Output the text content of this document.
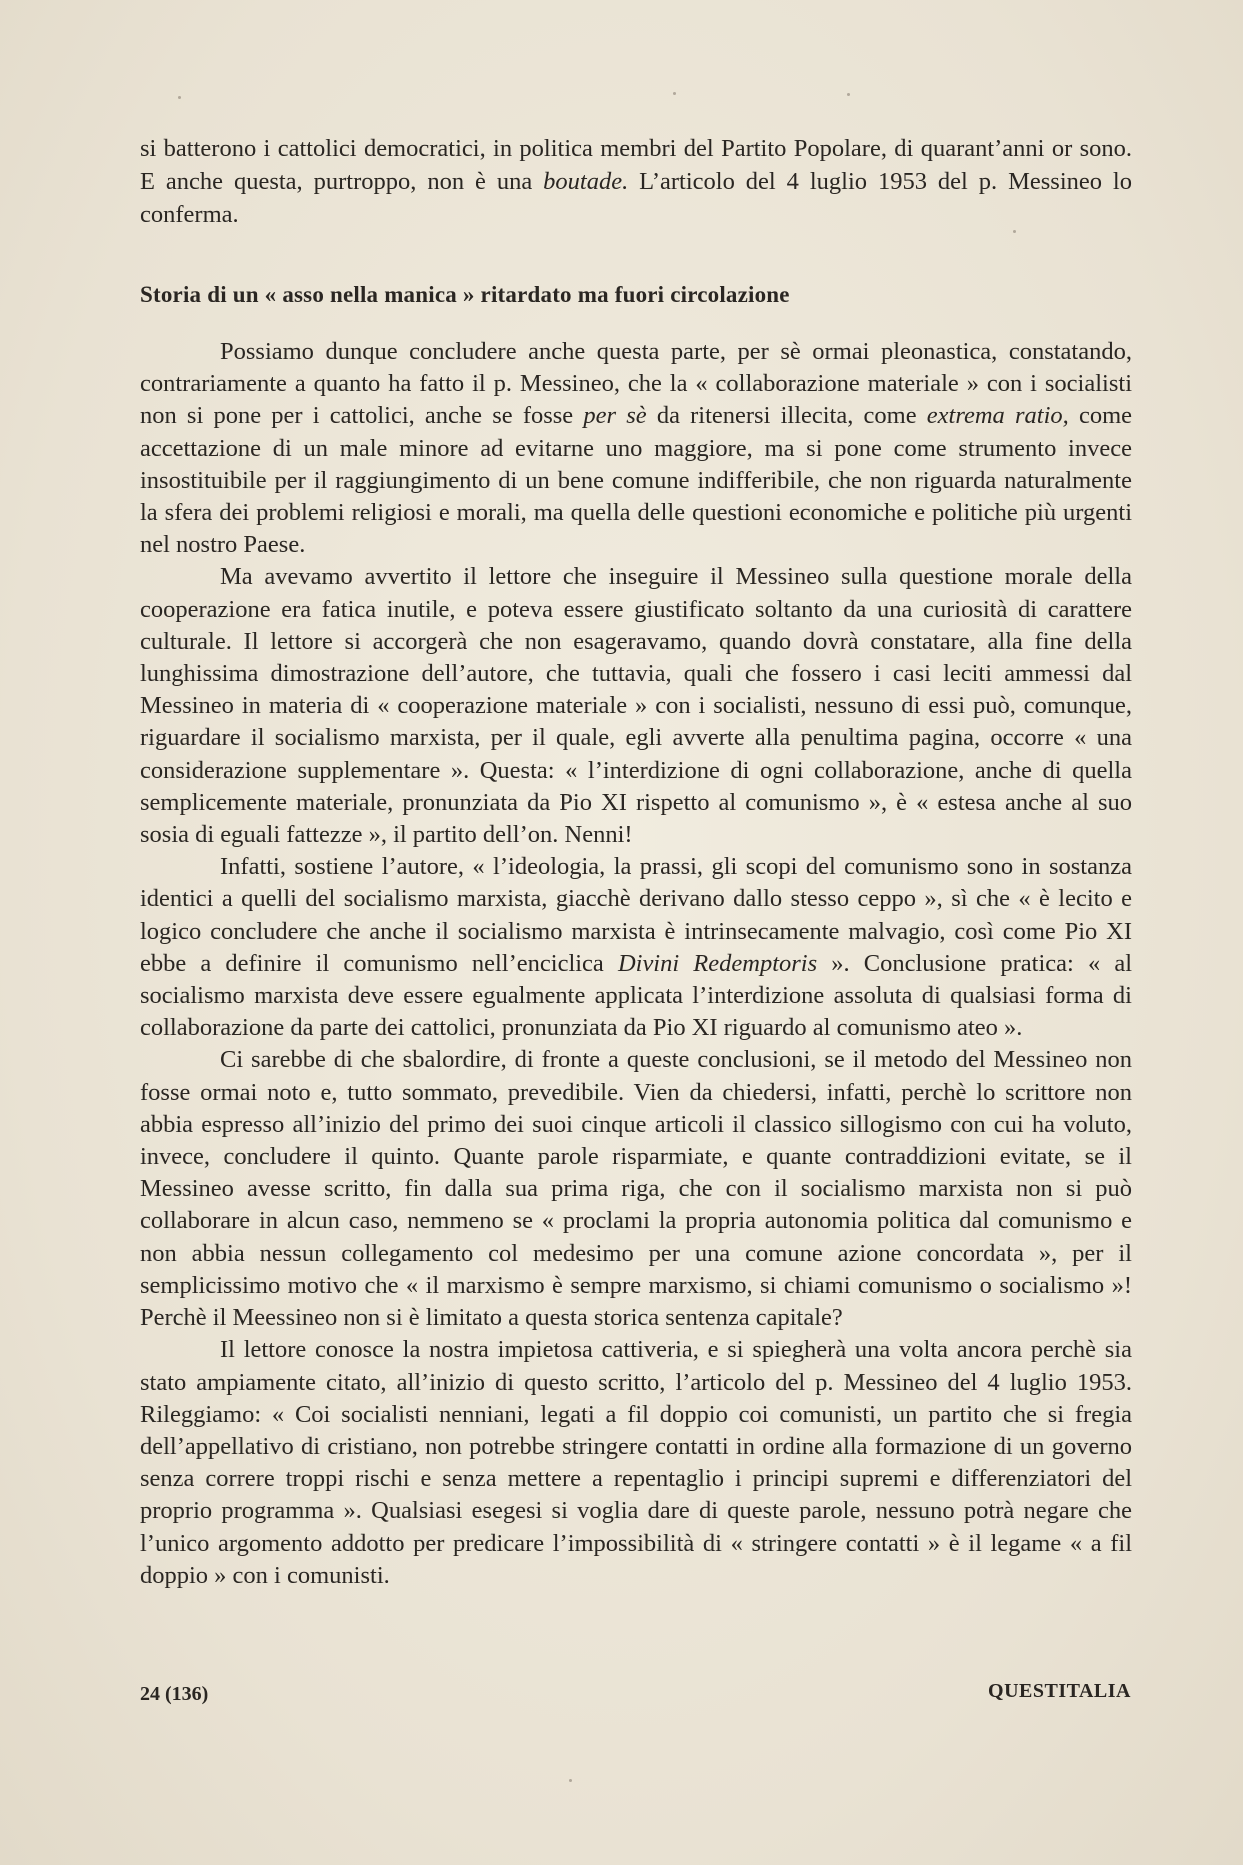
si batterono i cattolici democratici, in politica membri del Partito Popolare, di quarant’anni or sono. E anche questa, purtroppo, non è una boutade. L’articolo del 4 luglio 1953 del p. Messineo lo conferma.

Storia di un « asso nella manica » ritardato ma fuori circolazione

Possiamo dunque concludere anche questa parte, per sè ormai pleonastica, constatando, contrariamente a quanto ha fatto il p. Messineo, che la « collaborazione materiale » con i socialisti non si pone per i cattolici, anche se fosse per sè da ritenersi illecita, come extrema ratio, come accettazione di un male minore ad evitarne uno maggiore, ma si pone come strumento invece insostituibile per il raggiungimento di un bene comune indifferibile, che non riguarda naturalmente la sfera dei problemi religiosi e morali, ma quella delle questioni economiche e politiche più urgenti nel nostro Paese.

Ma avevamo avvertito il lettore che inseguire il Messineo sulla questione morale della cooperazione era fatica inutile, e poteva essere giustificato soltanto da una curiosità di carattere culturale. Il lettore si accorgerà che non esageravamo, quando dovrà constatare, alla fine della lunghissima dimostrazione dell’autore, che tuttavia, quali che fossero i casi leciti ammessi dal Messineo in materia di « cooperazione materiale » con i socialisti, nessuno di essi può, comunque, riguardare il socialismo marxista, per il quale, egli avverte alla penultima pagina, occorre « una considerazione supplementare ». Questa: « l’interdizione di ogni collaborazione, anche di quella semplicemente materiale, pronunziata da Pio XI rispetto al comunismo », è « estesa anche al suo sosia di eguali fattezze », il partito dell’on. Nenni!

Infatti, sostiene l’autore, « l’ideologia, la prassi, gli scopi del comunismo sono in sostanza identici a quelli del socialismo marxista, giacchè derivano dallo stesso ceppo », sì che « è lecito e logico concludere che anche il socialismo marxista è intrinsecamente malvagio, così come Pio XI ebbe a definire il comunismo nell’enciclica Divini Redemptoris ». Conclusione pratica: « al socialismo marxista deve essere egualmente applicata l’interdizione assoluta di qualsiasi forma di collaborazione da parte dei cattolici, pronunziata da Pio XI riguardo al comunismo ateo ».

Ci sarebbe di che sbalordire, di fronte a queste conclusioni, se il metodo del Messineo non fosse ormai noto e, tutto sommato, prevedibile. Vien da chiedersi, infatti, perchè lo scrittore non abbia espresso all’inizio del primo dei suoi cinque articoli il classico sillogismo con cui ha voluto, invece, concludere il quinto. Quante parole risparmiate, e quante contraddizioni evitate, se il Messineo avesse scritto, fin dalla sua prima riga, che con il socialismo marxista non si può collaborare in alcun caso, nemmeno se « proclami la propria autonomia politica dal comunismo e non abbia nessun collegamento col medesimo per una comune azione concordata », per il semplicissimo motivo che « il marxismo è sempre marxismo, si chiami comunismo o socialismo »! Perchè il Meessineo non si è limitato a questa storica sentenza capitale?

Il lettore conosce la nostra impietosa cattiveria, e si spiegherà una volta ancora perchè sia stato ampiamente citato, all’inizio di questo scritto, l’articolo del p. Messineo del 4 luglio 1953. Rileggiamo: « Coi socialisti nenniani, legati a fil doppio coi comunisti, un partito che si fregia dell’appellativo di cristiano, non potrebbe stringere contatti in ordine alla formazione di un governo senza correre troppi rischi e senza mettere a repentaglio i principi supremi e differenziatori del proprio programma ». Qualsiasi esegesi si voglia dare di queste parole, nessuno potrà negare che l’unico argomento addotto per predicare l’impossibilità di « stringere contatti » è il legame « a fil doppio » con i comunisti.

24 (136)	QUESTITALIA
